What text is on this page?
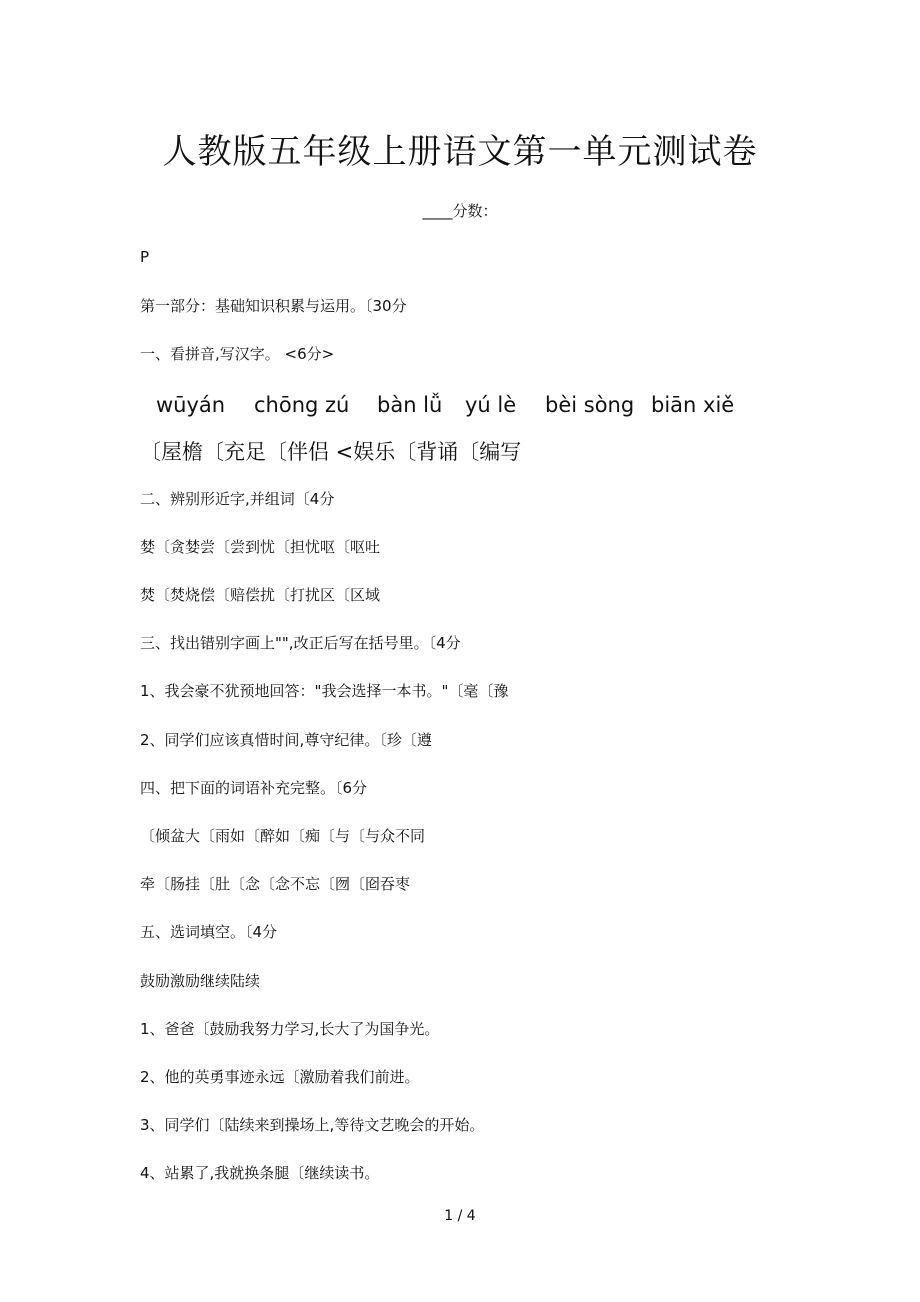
人教版五年级上册语文第一单元测试卷
____分数：
P
第一部分：基础知识积累与运用。〔30分
一、看拼音,写汉字。 <6分>
wūyán chōng zú bàn lǚ yú lè bèi sòng biān xiě
〔屋檐〔充足〔伴侣 <娱乐〔背诵〔编写
二、辨别形近字,并组词〔4分
婪〔贪婪尝〔尝到忧〔担忧呕〔呕吐
焚〔焚烧偿〔赔偿扰〔打扰区〔区域
三、找出错别字画上"",改正后写在括号里。〔4分
1、我会豪不犹预地回答："我会选择一本书。"〔毫〔豫
2、同学们应该真惜时间,尊守纪律。〔珍〔遵
四、把下面的词语补充完整。〔6分
〔倾盆大〔雨如〔醉如〔痴〔与〔与众不同
牵〔肠挂〔肚〔念〔念不忘〔囫〔囵吞枣
五、选词填空。〔4分
鼓励激励继续陆续
1、爸爸〔鼓励我努力学习,长大了为国争光。
2、他的英勇事迹永远〔激励着我们前进。
3、同学们〔陆续来到操场上,等待文艺晚会的开始。
4、站累了,我就换条腿〔继续读书。
1 / 4
